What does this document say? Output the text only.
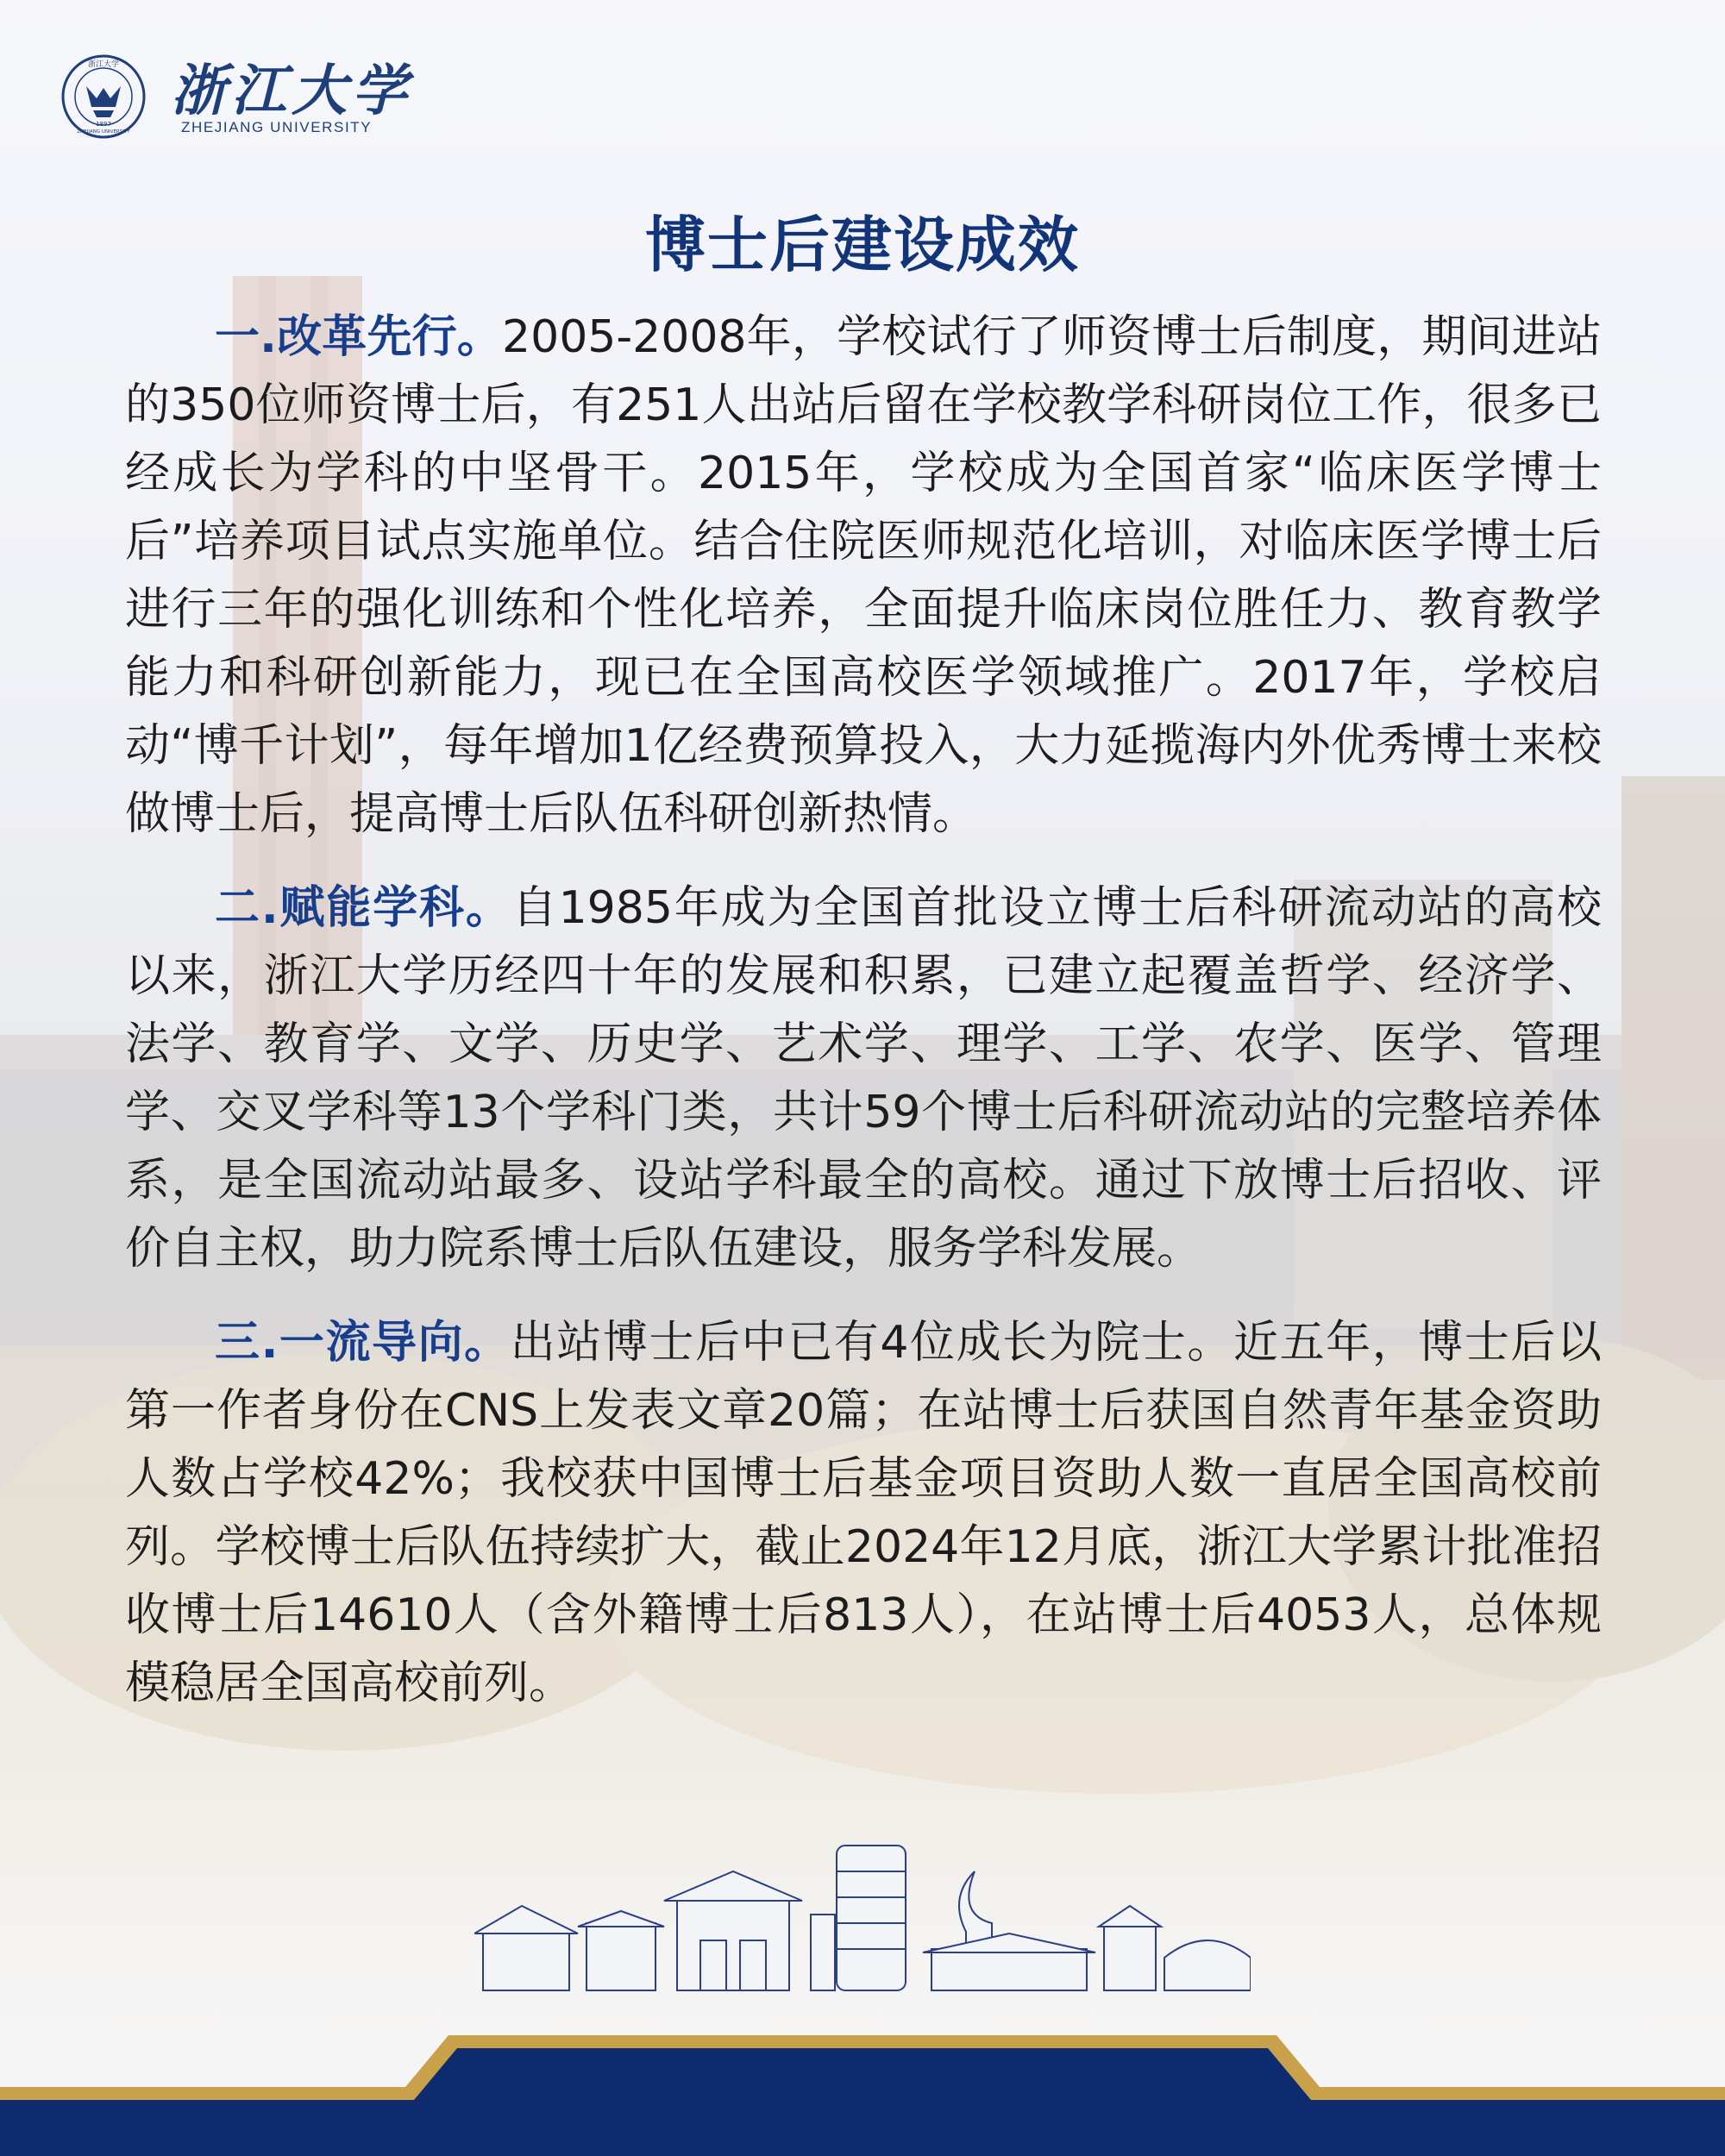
浙江大学
ZHEJIANG UNIVERSITY
1897
浙江大学
ZHEJIANG UNIVERSITY
博士后建设成效

一.改革先行。2005-2008年，学校试行了师资博士后制度，期间进站的350位师资博士后，有251人出站后留在学校教学科研岗位工作，很多已经成长为学科的中坚骨干。2015年，学校成为全国首家“临床医学博士后”培养项目试点实施单位。结合住院医师规范化培训，对临床医学博士后进行三年的强化训练和个性化培养，全面提升临床岗位胜任力、教育教学能力和科研创新能力，现已在全国高校医学领域推广。2017年，学校启动“博千计划”，每年增加1亿经费预算投入，大力延揽海内外优秀博士来校做博士后，提高博士后队伍科研创新热情。

二.赋能学科。自1985年成为全国首批设立博士后科研流动站的高校以来，浙江大学历经四十年的发展和积累，已建立起覆盖哲学、经济学、法学、教育学、文学、历史学、艺术学、理学、工学、农学、医学、管理学、交叉学科等13个学科门类，共计59个博士后科研流动站的完整培养体系，是全国流动站最多、设站学科最全的高校。通过下放博士后招收、评价自主权，助力院系博士后队伍建设，服务学科发展。

三.一流导向。出站博士后中已有4位成长为院士。近五年，博士后以第一作者身份在CNS上发表文章20篇；在站博士后获国自然青年基金资助人数占学校42%；我校获中国博士后基金项目资助人数一直居全国高校前列。学校博士后队伍持续扩大，截止2024年12月底，浙江大学累计批准招收博士后14610人（含外籍博士后813人），在站博士后4053人，总体规模稳居全国高校前列。
